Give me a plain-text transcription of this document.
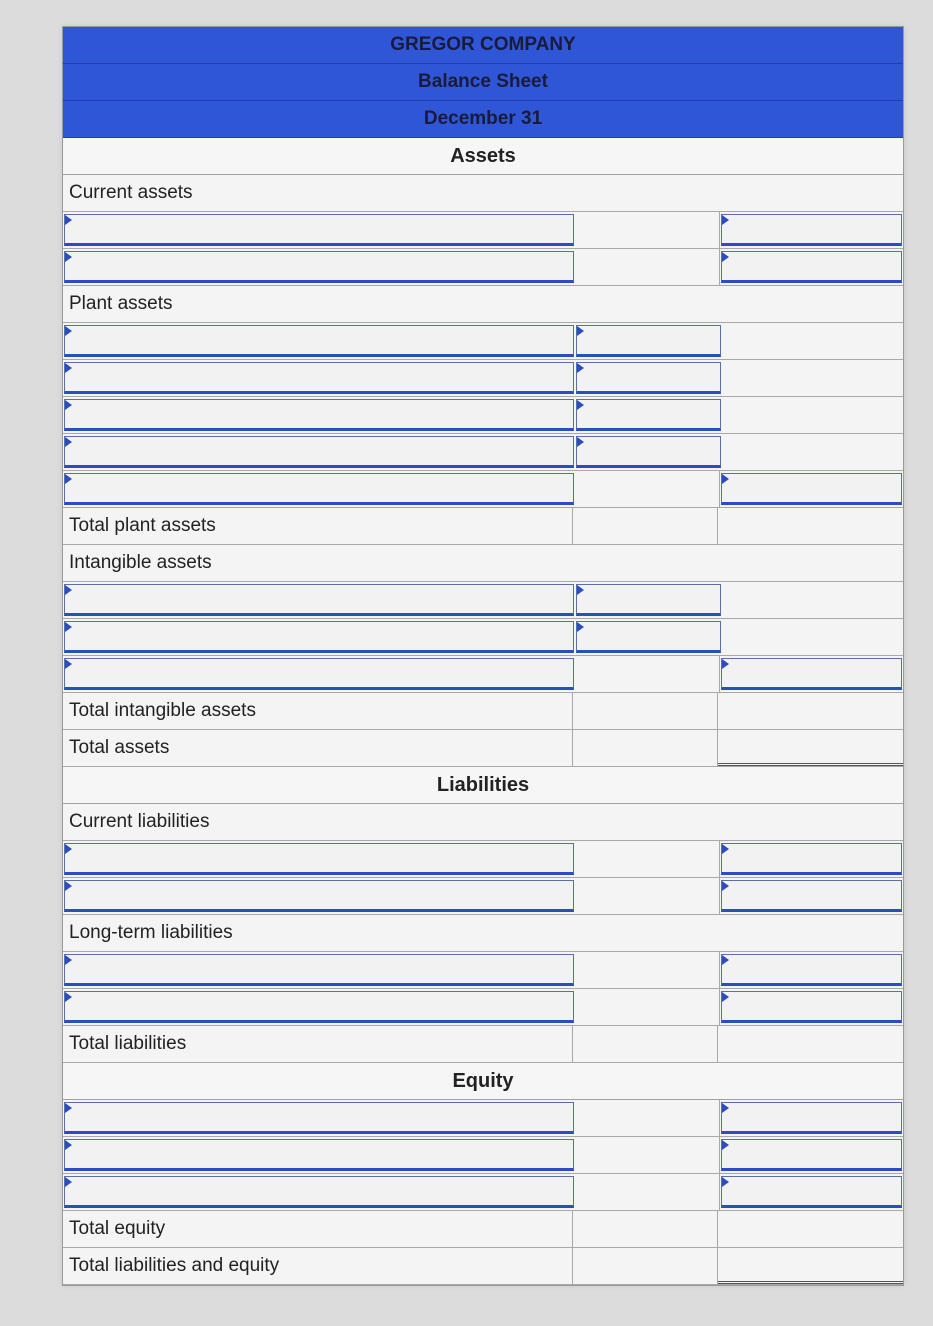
GREGOR COMPANY
Balance Sheet
December 31
Assets
Current assets
Plant assets
Total plant assets
Intangible assets
Total intangible assets
Total assets
Liabilities
Current liabilities
Long-term liabilities
Total liabilities
Equity
Total equity
Total liabilities and equity
